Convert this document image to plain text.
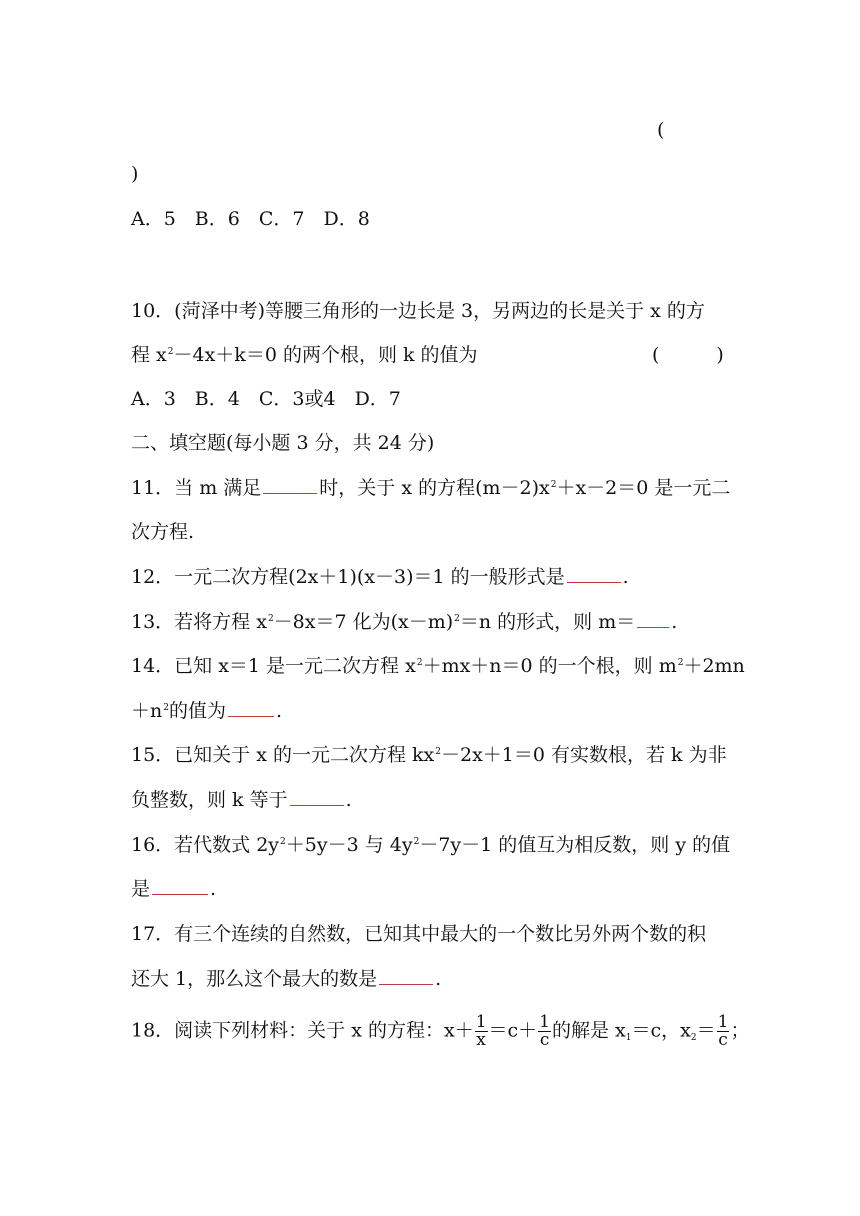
(
)
A．5　B．6　C．7　D．8
10．(菏泽中考)等腰三角形的一边长是 3，另两边的长是关于 x 的方
程 $x^2-4x+k=0$ 的两个根，则 k 的值为	(　　　)
A．3　B．4　C．3或4　D．7
二、填空题(每小题 3 分，共 24 分)
11．当 m 满足	时，关于 x 的方程$(m-2)x^2+x-2=0$ 是一元二
次方程.
12．一元二次方程(2x＋1)(x－3)＝1 的一般形式是	.
13．若将方程 $x^2-8x=7$ 化为$(x-m)^2=n$ 的形式，则 m＝ .
14．已知 x＝1 是一元二次方程 $x^2+mx+n=0$ 的一个根，则 $m^2+2mn$
$+n^2$的值为	.
15．已知关于 x 的一元二次方程 $kx^2-2x+1=0$ 有实数根，若 k 为非
负整数，则 k 等于	.
16．若代数式 $2y^2+5y-3$ 与 $4y^2-7y-1$ 的值互为相反数，则 y 的值
是	.
17．有三个连续的自然数，已知其中最大的一个数比另外两个数的积
还大 1，那么这个最大的数是	.
18．阅读下列材料：关于 x 的方程：$x+ \frac{1}{x} =c+ \frac{1}{c}$ 的解是 $x_1=c$，$x_2= \frac{1}{c}$ ；
